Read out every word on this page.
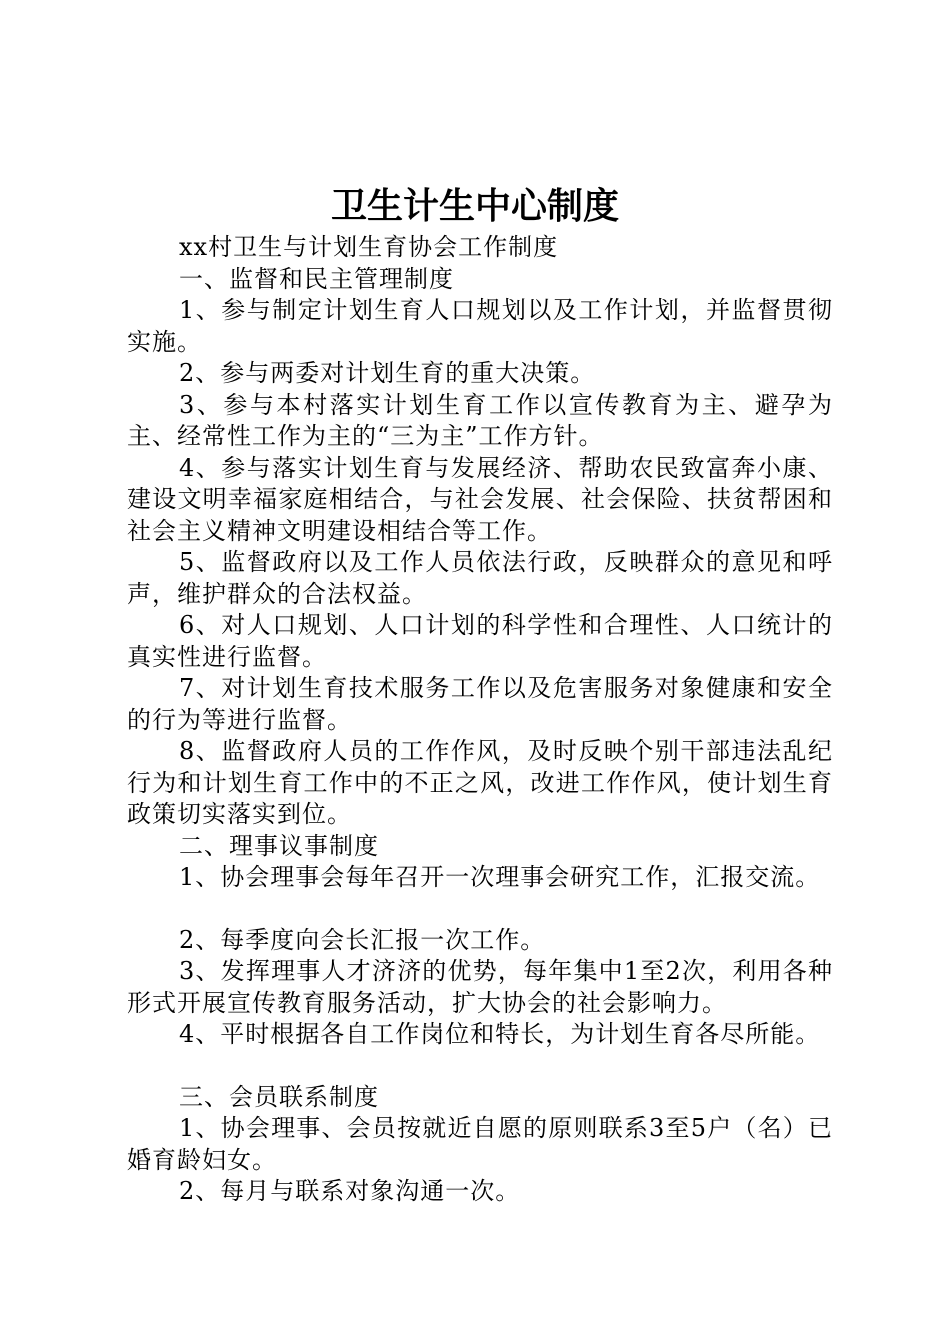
卫生计生中心制度

xx村卫生与计划生育协会工作制度

一、监督和民主管理制度

1、参与制定计划生育人口规划以及工作计划，并监督贯彻实施。

2、参与两委对计划生育的重大决策。

3、参与本村落实计划生育工作以宣传教育为主、避孕为主、经常性工作为主的“三为主”工作方针。

4、参与落实计划生育与发展经济、帮助农民致富奔小康、建设文明幸福家庭相结合，与社会发展、社会保险、扶贫帮困和社会主义精神文明建设相结合等工作。

5、监督政府以及工作人员依法行政，反映群众的意见和呼声，维护群众的合法权益。

6、对人口规划、人口计划的科学性和合理性、人口统计的真实性进行监督。

7、对计划生育技术服务工作以及危害服务对象健康和安全的行为等进行监督。

8、监督政府人员的工作作风，及时反映个别干部违法乱纪行为和计划生育工作中的不正之风，改进工作作风，使计划生育政策切实落实到位。

二、理事议事制度

1、协会理事会每年召开一次理事会研究工作，汇报交流。

2、每季度向会长汇报一次工作。

3、发挥理事人才济济的优势，每年集中1至2次，利用各种形式开展宣传教育服务活动，扩大协会的社会影响力。

4、平时根据各自工作岗位和特长，为计划生育各尽所能。

三、会员联系制度

1、协会理事、会员按就近自愿的原则联系3至5户（名）已婚育龄妇女。

2、每月与联系对象沟通一次。
